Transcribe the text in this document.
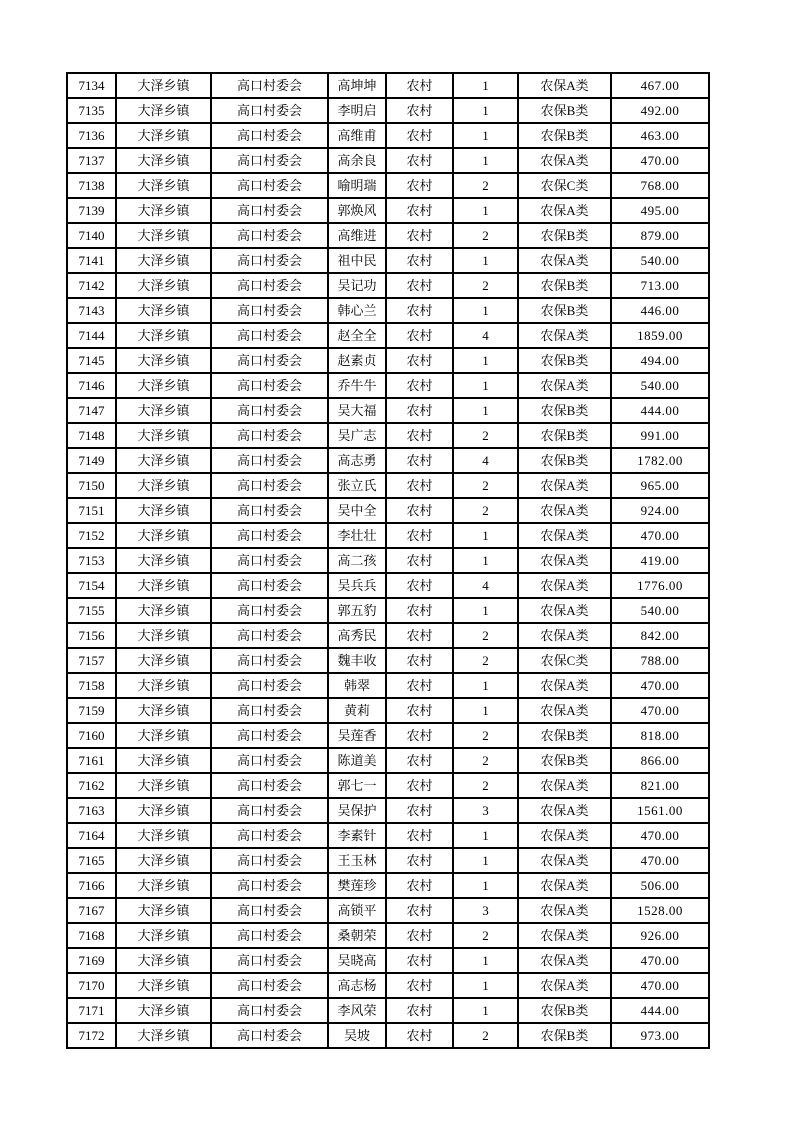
7134	大泽乡镇	高口村委会	高坤坤	农村	1	农保A类	467.00
7135	大泽乡镇	高口村委会	李明启	农村	1	农保B类	492.00
7136	大泽乡镇	高口村委会	高维甫	农村	1	农保B类	463.00
7137	大泽乡镇	高口村委会	高余良	农村	1	农保A类	470.00
7138	大泽乡镇	高口村委会	喻明瑞	农村	2	农保C类	768.00
7139	大泽乡镇	高口村委会	郭焕风	农村	1	农保A类	495.00
7140	大泽乡镇	高口村委会	高维进	农村	2	农保B类	879.00
7141	大泽乡镇	高口村委会	祖中民	农村	1	农保A类	540.00
7142	大泽乡镇	高口村委会	吴记功	农村	2	农保B类	713.00
7143	大泽乡镇	高口村委会	韩心兰	农村	1	农保B类	446.00
7144	大泽乡镇	高口村委会	赵全全	农村	4	农保A类	1859.00
7145	大泽乡镇	高口村委会	赵素贞	农村	1	农保B类	494.00
7146	大泽乡镇	高口村委会	乔牛牛	农村	1	农保A类	540.00
7147	大泽乡镇	高口村委会	吴大福	农村	1	农保B类	444.00
7148	大泽乡镇	高口村委会	吴广志	农村	2	农保B类	991.00
7149	大泽乡镇	高口村委会	高志勇	农村	4	农保B类	1782.00
7150	大泽乡镇	高口村委会	张立氏	农村	2	农保A类	965.00
7151	大泽乡镇	高口村委会	吴中全	农村	2	农保A类	924.00
7152	大泽乡镇	高口村委会	李壮壮	农村	1	农保A类	470.00
7153	大泽乡镇	高口村委会	高二孩	农村	1	农保A类	419.00
7154	大泽乡镇	高口村委会	吴兵兵	农村	4	农保A类	1776.00
7155	大泽乡镇	高口村委会	郭五豹	农村	1	农保A类	540.00
7156	大泽乡镇	高口村委会	高秀民	农村	2	农保A类	842.00
7157	大泽乡镇	高口村委会	魏丰收	农村	2	农保C类	788.00
7158	大泽乡镇	高口村委会	韩翠	农村	1	农保A类	470.00
7159	大泽乡镇	高口村委会	黄莉	农村	1	农保A类	470.00
7160	大泽乡镇	高口村委会	吴莲香	农村	2	农保B类	818.00
7161	大泽乡镇	高口村委会	陈道美	农村	2	农保B类	866.00
7162	大泽乡镇	高口村委会	郭七一	农村	2	农保A类	821.00
7163	大泽乡镇	高口村委会	吴保护	农村	3	农保A类	1561.00
7164	大泽乡镇	高口村委会	李素针	农村	1	农保A类	470.00
7165	大泽乡镇	高口村委会	王玉林	农村	1	农保A类	470.00
7166	大泽乡镇	高口村委会	樊莲珍	农村	1	农保A类	506.00
7167	大泽乡镇	高口村委会	高锁平	农村	3	农保A类	1528.00
7168	大泽乡镇	高口村委会	桑朝荣	农村	2	农保A类	926.00
7169	大泽乡镇	高口村委会	吴晓高	农村	1	农保A类	470.00
7170	大泽乡镇	高口村委会	高志杨	农村	1	农保A类	470.00
7171	大泽乡镇	高口村委会	李风荣	农村	1	农保B类	444.00
7172	大泽乡镇	高口村委会	吴坡	农村	2	农保B类	973.00
